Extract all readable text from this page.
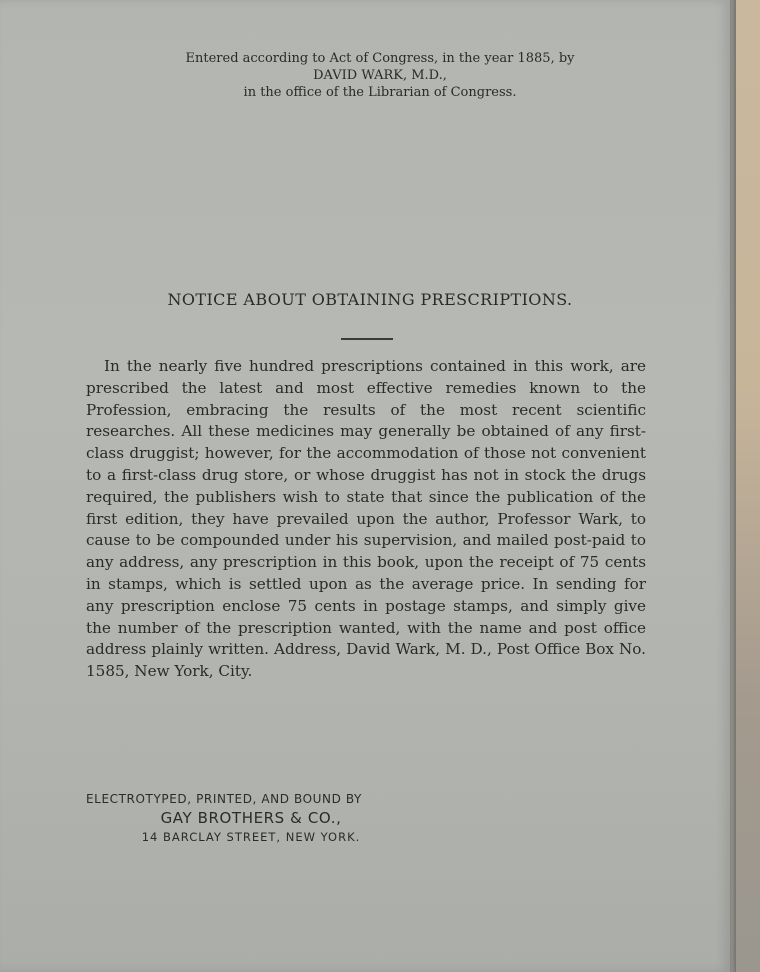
Entered according to Act of Congress, in the year 1885, by
DAVID WARK, M.D.,
in the office of the Librarian of Congress.
NOTICE ABOUT OBTAINING PRESCRIPTIONS.

In the nearly five hundred prescriptions contained in this work, are prescribed the latest and most effective remedies known to the Profession, embracing the results of the most recent scientific researches. All these medicines may generally be obtained of any first-class druggist; however, for the accommodation of those not convenient to a first-class drug store, or whose druggist has not in stock the drugs required, the publishers wish to state that since the publication of the first edition, they have prevailed upon the author, Professor Wark, to cause to be compounded under his supervision, and mailed post-paid to any address, any prescription in this book, upon the receipt of 75 cents in stamps, which is settled upon as the average price. In sending for any prescription enclose 75 cents in postage stamps, and simply give the number of the prescription wanted, with the name and post office address plainly written. Address, David Wark, M. D., Post Office Box No. 1585, New York, City.

ELECTROTYPED, PRINTED, AND BOUND BY
GAY BROTHERS & CO.,
14 BARCLAY STREET, NEW YORK.
